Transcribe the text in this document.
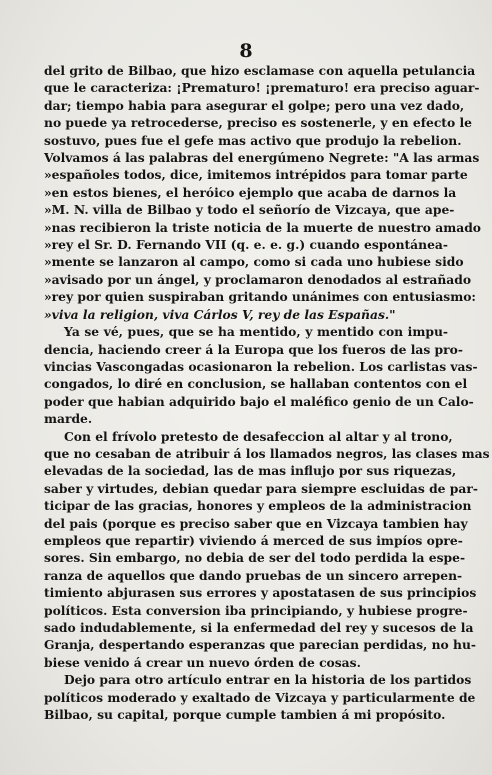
8
del grito de Bilbao, que hizo esclamase con aquella petulancia
que le caracteriza: ¡Prematuro! ¡prematuro! era preciso aguar-
dar; tiempo habia para asegurar el golpe; pero una vez dado,
no puede ya retrocederse, preciso es sostenerle, y en efecto le
sostuvo, pues fue el gefe mas activo que produjo la rebelion.
Volvamos á las palabras del energúmeno Negrete: "A las armas
»españoles todos, dice, imitemos intrépidos para tomar parte
»en estos bienes, el heróico ejemplo que acaba de darnos la
»M. N. villa de Bilbao y todo el señorío de Vizcaya, que ape-
»nas recibieron la triste noticia de la muerte de nuestro amado
»rey el Sr. D. Fernando VII (q. e. e. g.) cuando espontánea-
»mente se lanzaron al campo, como si cada uno hubiese sido
»avisado por un ángel, y proclamaron denodados al estrañado
»rey por quien suspiraban gritando unánimes con entusiasmo:
»viva la religion, viva Cárlos V, rey de las Españas."
Ya se vé, pues, que se ha mentido, y mentido con impu-
dencia, haciendo creer á la Europa que los fueros de las pro-
vincias Vascongadas ocasionaron la rebelion. Los carlistas vas-
congados, lo diré en conclusion, se hallaban contentos con el
poder que habian adquirido bajo el maléfico genio de un Calo-
marde.
Con el frívolo pretesto de desafeccion al altar y al trono,
que no cesaban de atribuir á los llamados negros, las clases mas
elevadas de la sociedad, las de mas influjo por sus riquezas,
saber y virtudes, debian quedar para siempre escluidas de par-
ticipar de las gracias, honores y empleos de la administracion
del pais (porque es preciso saber que en Vizcaya tambien hay
empleos que repartir) viviendo á merced de sus impíos opre-
sores. Sin embargo, no debia de ser del todo perdida la espe-
ranza de aquellos que dando pruebas de un sincero arrepen-
timiento abjurasen sus errores y apostatasen de sus principios
políticos. Esta conversion iba principiando, y hubiese progre-
sado indudablemente, si la enfermedad del rey y sucesos de la
Granja, despertando esperanzas que parecian perdidas, no hu-
biese venido á crear un nuevo órden de cosas.
Dejo para otro artículo entrar en la historia de los partidos
políticos moderado y exaltado de Vizcaya y particularmente de
Bilbao, su capital, porque cumple tambien á mi propósito.
